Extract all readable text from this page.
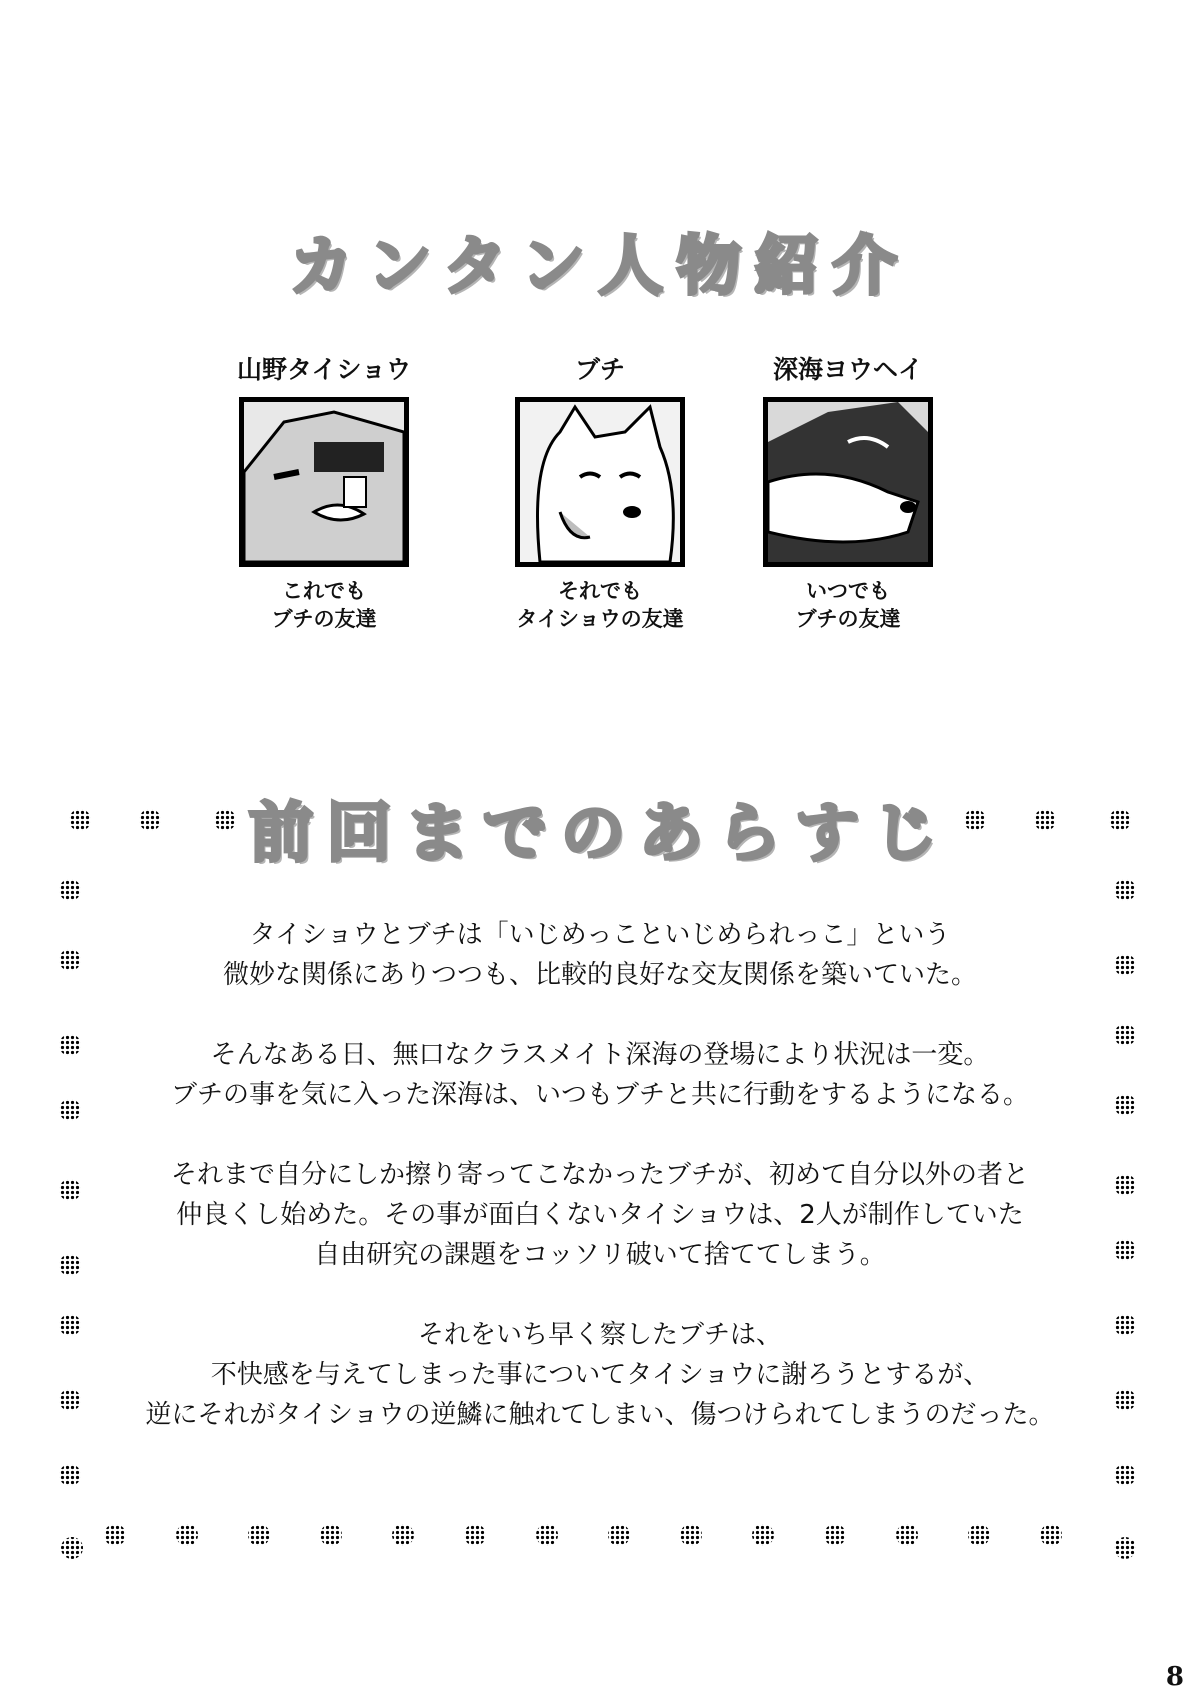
カンタン人物紹介
山野タイショウ
これでも
ブチの友達
ブチ
それでも
タイショウの友達
深海ヨウヘイ
いつでも
ブチの友達
前回までのあらすじ
タイショウとブチは「いじめっこといじめられっこ」という
微妙な関係にありつつも、比較的良好な交友関係を築いていた。
そんなある日、無口なクラスメイト深海の登場により状況は一変。
ブチの事を気に入った深海は、いつもブチと共に行動をするようになる。
それまで自分にしか擦り寄ってこなかったブチが、初めて自分以外の者と
仲良くし始めた。その事が面白くないタイショウは、2人が制作していた
自由研究の課題をコッソリ破いて捨ててしまう。
それをいち早く察したブチは、
不快感を与えてしまった事についてタイショウに謝ろうとするが、
逆にそれがタイショウの逆鱗に触れてしまい、傷つけられてしまうのだった。
8
